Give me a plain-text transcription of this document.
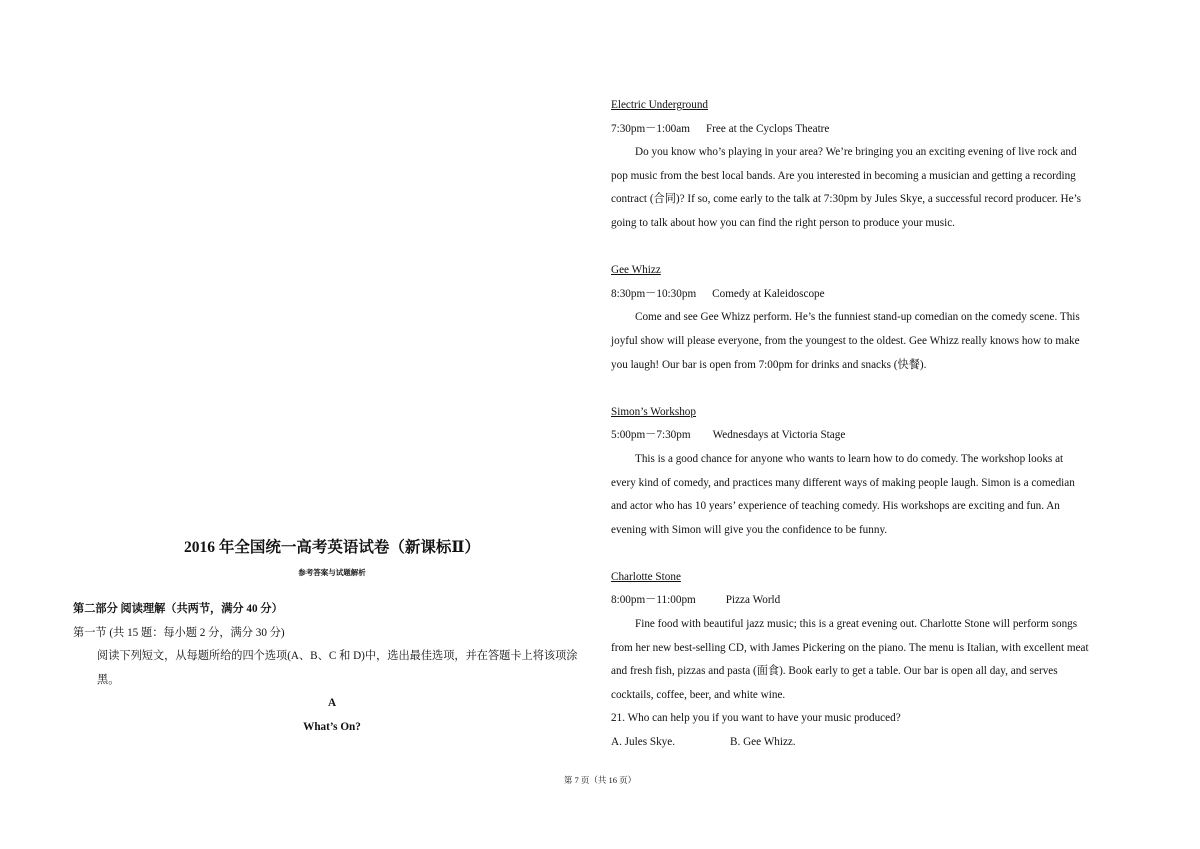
2016 年全国统一高考英语试卷（新课标Ⅱ）
参考答案与试题解析
第二部分 阅读理解（共两节，满分 40 分）
第一节 (共 15 题：每小题 2 分，满分 30 分)
阅读下列短文，从每题所给的四个选项(A、B、C 和 D)中，选出最佳选项，并在答题卡上将该项涂黑。
A
What’s On?
Electric Underground
7:30pm－1:00am Free at the Cyclops Theatre
Do you know who’s playing in your area? We’re bringing you an exciting evening of live rock and
pop music from the best local bands. Are you interested in becoming a musician and getting a recording
contract (合同)? If so, come early to the talk at 7:30pm by Jules Skye, a successful record producer. He’s
going to talk about how you can find the right person to produce your music.
Gee Whizz
8:30pm－10:30pm Comedy at Kaleidoscope
Come and see Gee Whizz perform. He’s the funniest stand-up comedian on the comedy scene. This
joyful show will please everyone, from the youngest to the oldest. Gee Whizz really knows how to make
you laugh! Our bar is open from 7:00pm for drinks and snacks (快餐).
Simon’s Workshop
5:00pm－7:30pm Wednesdays at Victoria Stage
This is a good chance for anyone who wants to learn how to do comedy. The workshop looks at
every kind of comedy, and practices many different ways of making people laugh. Simon is a comedian
and actor who has 10 years’ experience of teaching comedy. His workshops are exciting and fun. An
evening with Simon will give you the confidence to be funny.
Charlotte Stone
8:00pm－11:00pm	Pizza World
Fine food with beautiful jazz music; this is a great evening out. Charlotte Stone will perform songs
from her new best-selling CD, with James Pickering on the piano. The menu is Italian, with excellent meat
and fresh fish, pizzas and pasta (面食). Book early to get a table. Our bar is open all day, and serves
cocktails, coffee, beer, and white wine.
21. Who can help you if you want to have your music produced?
A. Jules Skye.	B. Gee Whizz.
第 7 页（共 16 页）
